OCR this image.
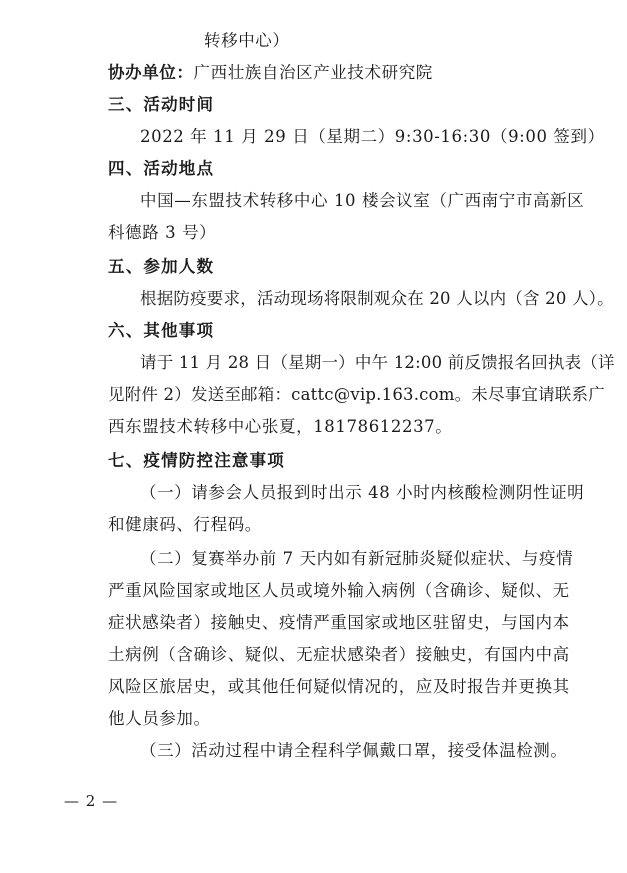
转移中心）
协办单位：广西壮族自治区产业技术研究院
三、活动时间
2022 年 11 月 29 日（星期二）9:30-16:30（9:00 签到）
四、活动地点
中国—东盟技术转移中心 10 楼会议室（广西南宁市高新区
科德路 3 号）
五、参加人数
根据防疫要求，活动现场将限制观众在 20 人以内（含 20 人）。
六、其他事项
请于 11 月 28 日（星期一）中午 12:00 前反馈报名回执表（详
见附件 2）发送至邮箱：cattc@vip.163.com。未尽事宜请联系广
西东盟技术转移中心张夏，18178612237。
七、疫情防控注意事项
（一）请参会人员报到时出示 48 小时内核酸检测阴性证明
和健康码、行程码。
（二）复赛举办前 7 天内如有新冠肺炎疑似症状、与疫情
严重风险国家或地区人员或境外输入病例（含确诊、疑似、无
症状感染者）接触史、疫情严重国家或地区驻留史，与国内本
土病例（含确诊、疑似、无症状感染者）接触史，有国内中高
风险区旅居史，或其他任何疑似情况的，应及时报告并更换其
他人员参加。
（三）活动过程中请全程科学佩戴口罩，接受体温检测。
— 2 —
